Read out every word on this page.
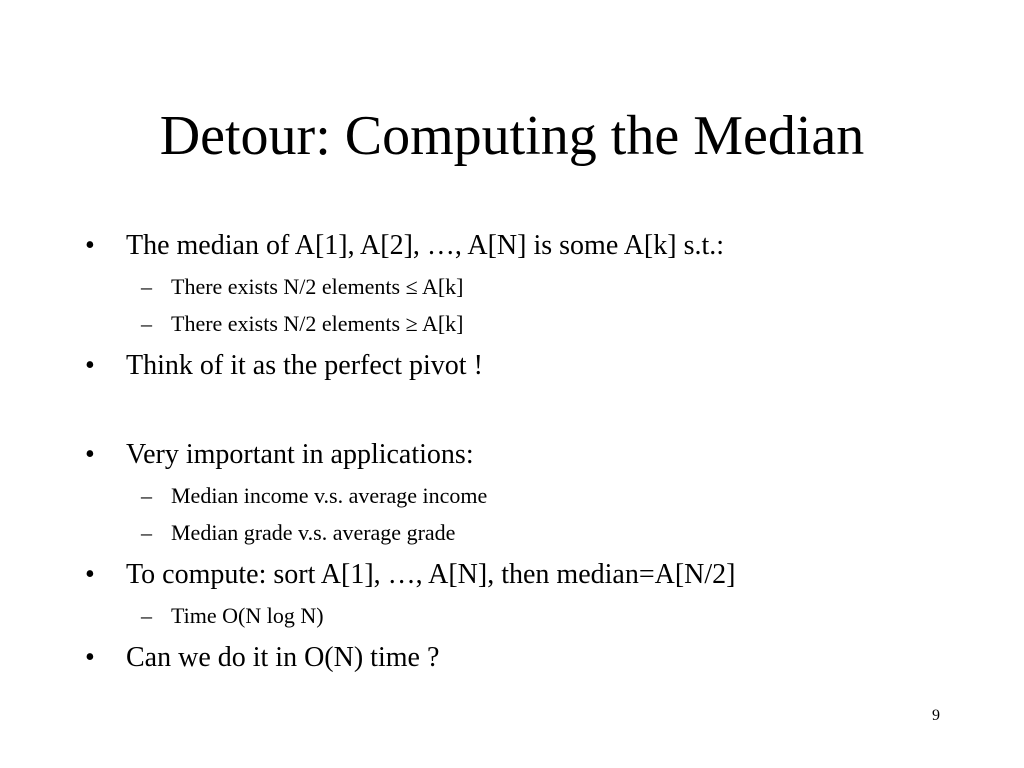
Detour: Computing the Median
• The median of A[1], A[2], …, A[N] is some A[k] s.t.:
– There exists N/2 elements ≤ A[k]
– There exists N/2 elements ≥ A[k]
• Think of it as the perfect pivot !
• Very important in applications:
– Median income v.s. average income
– Median grade v.s. average grade
• To compute: sort A[1], …, A[N], then median=A[N/2]
– Time O(N log N)
• Can we do it in O(N) time ?
9
